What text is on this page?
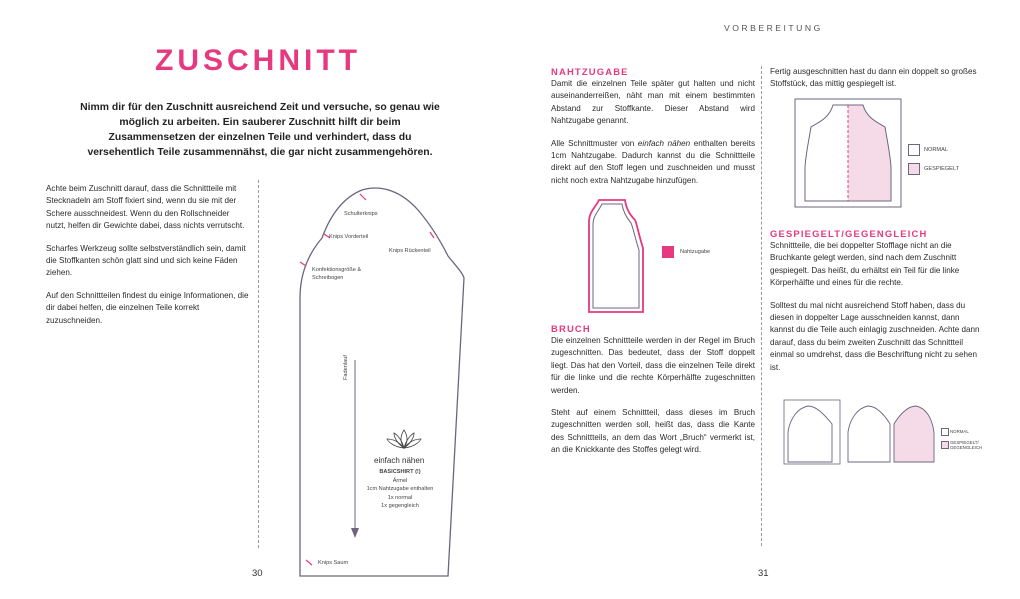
ZUSCHNITT
Nimm dir für den Zuschnitt ausreichend Zeit und versuche, so genau wie möglich zu arbeiten. Ein sauberer Zuschnitt hilft dir beim Zusammensetzen der einzelnen Teile und verhindert, dass du versehentlich Teile zusammennähst, die gar nicht zusammengehören.

Achte beim Zuschnitt darauf, dass die Schnittteile mit Stecknadeln am Stoff fixiert sind, wenn du sie mit der Schere ausschneidest. Wenn du den Rollschneider nutzt, helfen dir Gewichte dabei, dass nichts verrutscht.

Scharfes Werkzeug sollte selbstverständlich sein, damit die Stoffkanten schön glatt sind und sich keine Fäden ziehen.

Auf den Schnittteilen findest du einige Informationen, die dir dabei helfen, die einzelnen Teile korrekt zuzuschneiden.

Schulterknips
Knips Vorderteil
Knips Rückenteil
Konfektionsgröße & Schreibogen
Fadenlauf
einfach nähen
BASICSHIRT (!)
Ärmel
1cm Nahtzugabe enthalten
1x normal
1x gegengleich
Knips Saum
30
VORBEREITUNG
NAHTZUGABE

Damit die einzelnen Teile später gut halten und nicht auseinanderreißen, näht man mit einem bestimmten Abstand zur Stoffkante. Dieser Abstand wird Nahtzugabe genannt.

Alle Schnittmuster von einfach nähen enthalten bereits 1cm Nahtzugabe. Dadurch kannst du die Schnittteile direkt auf den Stoff legen und zuschneiden und musst nicht noch extra Nahtzugabe hinzufügen.

Nahtzugabe
BRUCH

Die einzelnen Schnittteile werden in der Regel im Bruch zugeschnitten. Das bedeutet, dass der Stoff doppelt liegt. Das hat den Vorteil, dass die einzelnen Teile direkt für die linke und die rechte Körperhälfte zugeschnitten werden.

Steht auf einem Schnittteil, dass dieses im Bruch zugeschnitten werden soll, heißt das, dass die Kante des Schnittteils, an dem das Wort „Bruch“ vermerkt ist, an die Knickkante des Stoffes gelegt wird.

Fertig ausgeschnitten hast du dann ein doppelt so großes Stoffstück, das mittig gespiegelt ist.
NORMAL
GESPIEGELT
GESPIEGELT/GEGENGLEICH

Schnittteile, die bei doppelter Stofflage nicht an die Bruchkante gelegt werden, sind nach dem Zuschnitt gespiegelt. Das heißt, du erhältst ein Teil für die linke Körperhälfte und eines für die rechte.

Solltest du mal nicht ausreichend Stoff haben, dass du diesen in doppelter Lage ausschneiden kannst, dann kannst du die Teile auch einlagig zuschneiden. Achte dann darauf, dass du beim zweiten Zuschnitt das Schnittteil einmal so umdrehst, dass die Beschriftung nicht zu sehen ist.

NORMAL
GESPIEGELT/ GEGENGLEICH
31
